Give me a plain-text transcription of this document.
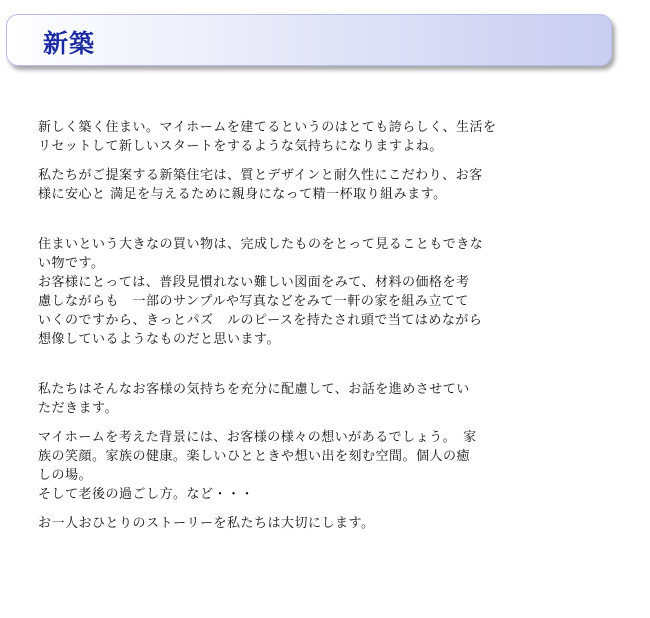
新築

新しく築く住まい。マイホームを建てるというのはとても誇らしく、生活を
リセットして新しいスタートをするような気持ちになりますよね。

私たちがご提案する新築住宅は、質とデザインと耐久性にこだわり、お客
様に安心と 満足を与えるために親身になって精一杯取り組みます。

住まいという大きなの買い物は、完成したものをとって見ることもできな
い物です。
お客様にとっては、普段見慣れない難しい図面をみて、材料の価格を考
慮しながらも　一部のサンプルや写真などをみて一軒の家を組み立てて
いくのですから、きっとパズ　ルのピースを持たされ頭で当てはめながら
想像しているようなものだと思います。

私たちはそんなお客様の気持ちを充分に配慮して、お話を進めさせてい
ただきます。

マイホームを考えた背景には、お客様の様々の想いがあるでしょう。　家
族の笑顔。家族の健康。楽しいひとときや想い出を刻む空間。個人の癒
しの場。
そして老後の過ごし方。など・・・

お一人おひとりのストーリーを私たちは大切にします。
